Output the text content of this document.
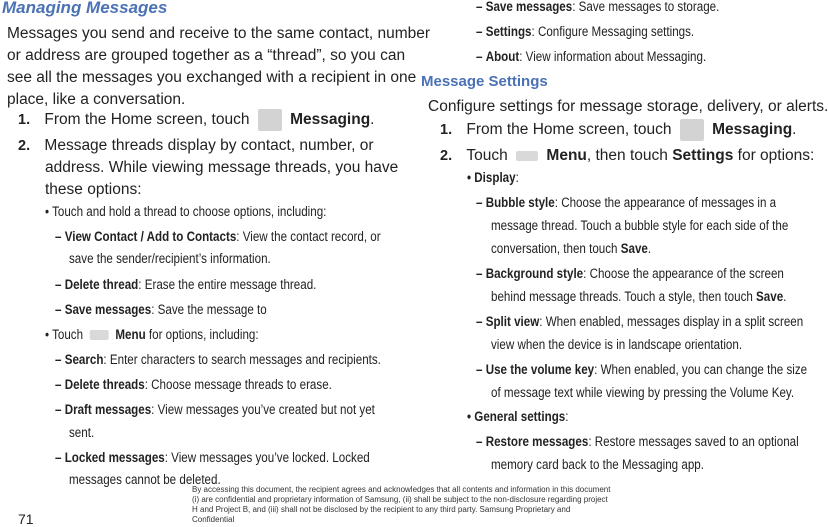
Managing Messages
Messages you send and receive to the same contact, number
or address are grouped together as a “thread”, so you can
see all the messages you exchanged with a recipient in one
place, like a conversation.
1. From the Home screen, touch	Messaging.
2. Message threads display by contact, number, or
address. While viewing message threads, you have
these options:
• Touch and hold a thread to choose options, including:
– View Contact / Add to Contacts: View the contact record, or
save the sender/recipient’s information.
– Delete thread: Erase the entire message thread.
– Save messages: Save the message to
• Touch Menu for options, including:
– Search: Enter characters to search messages and recipients.
– Delete threads: Choose message threads to erase.
– Draft messages: View messages you’ve created but not yet
sent.
– Locked messages: View messages you’ve locked. Locked
messages cannot be deleted.
– Save messages: Save messages to storage.
– Settings: Configure Messaging settings.
– About: View information about Messaging.
Message Settings
Configure settings for message storage, delivery, or alerts.
1. From the Home screen, touch	Messaging.
2. Touch Menu, then touch Settings for options:
• Display:
– Bubble style: Choose the appearance of messages in a
message thread. Touch a bubble style for each side of the
conversation, then touch Save.
– Background style: Choose the appearance of the screen
behind message threads. Touch a style, then touch Save.
– Split view: When enabled, messages display in a split screen
view when the device is in landscape orientation.
– Use the volume key: When enabled, you can change the size
of message text while viewing by pressing the Volume Key.
• General settings:
– Restore messages: Restore messages saved to an optional
memory card back to the Messaging app.
By accessing this document, the recipient agrees and acknowledges that all contents and information in this document (i) are confidential and proprietary information of Samsung, (ii) shall be subject to the non-disclosure regarding project H and Project B, and (iii) shall not be disclosed by the recipient to any third party. Samsung Proprietary and Confidential
71
